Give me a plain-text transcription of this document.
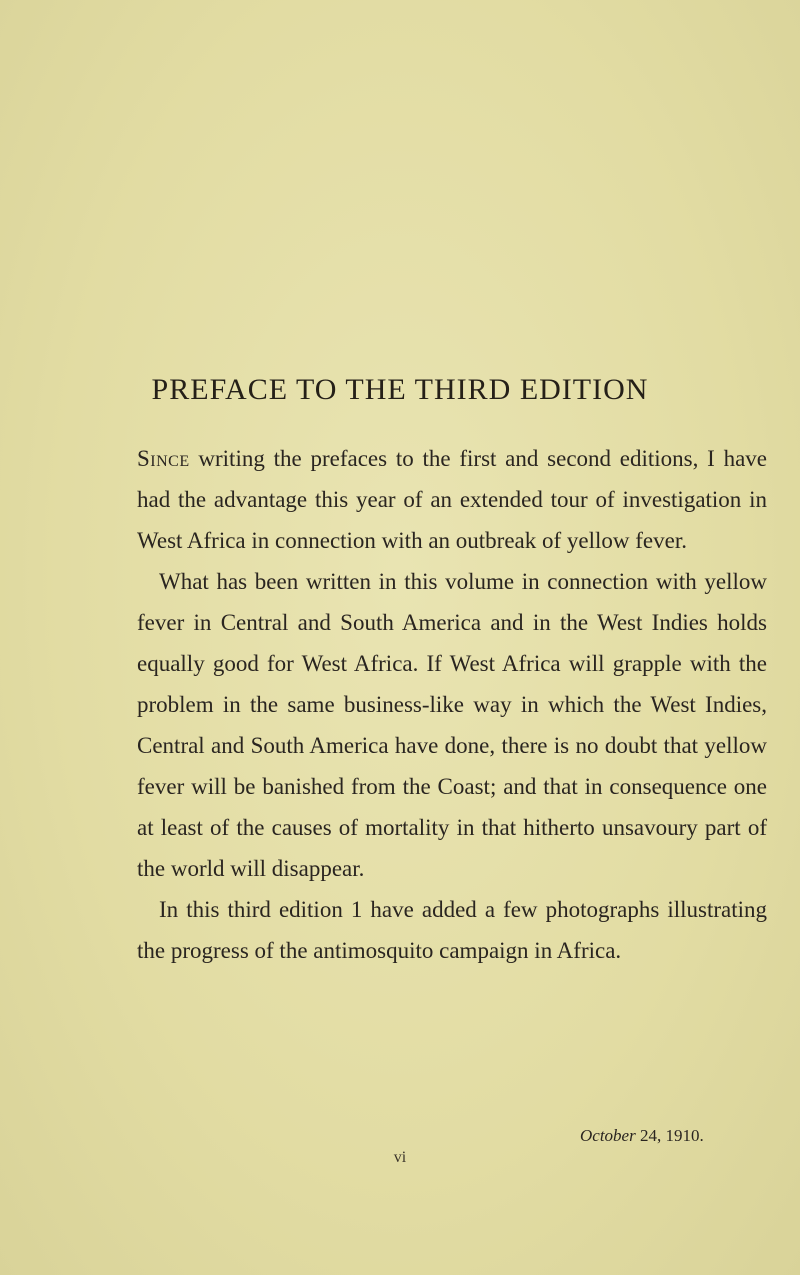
PREFACE TO THE THIRD EDITION

Since writing the prefaces to the first and second editions, I have had the advantage this year of an extended tour of investigation in West Africa in connection with an outbreak of yellow fever.

What has been written in this volume in connection with yellow fever in Central and South America and in the West Indies holds equally good for West Africa. If West Africa will grapple with the problem in the same business-like way in which the West Indies, Central and South America have done, there is no doubt that yellow fever will be banished from the Coast; and that in consequence one at least of the causes of mortality in that hitherto unsavoury part of the world will disappear.

In this third edition 1 have added a few photographs illustrating the progress of the antimosquito campaign in Africa.

October 24, 1910.
vi
